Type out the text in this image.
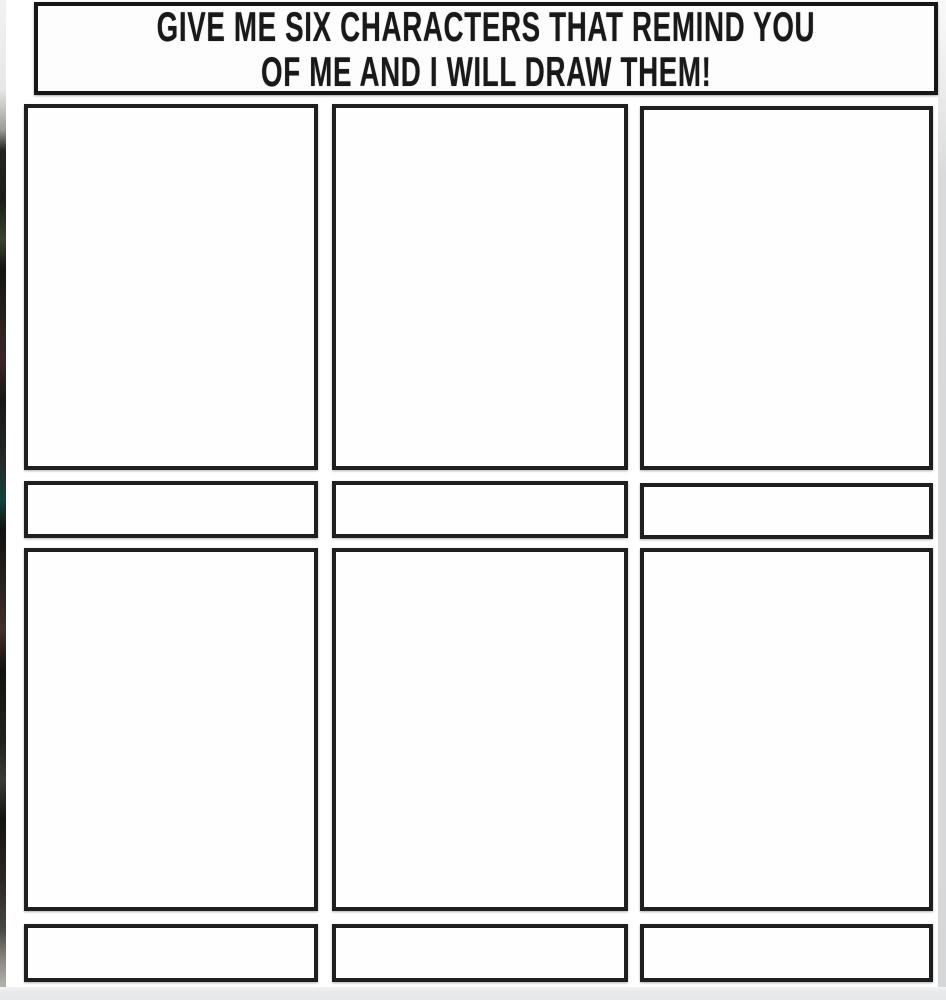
GIVE ME SIX CHARACTERS THAT REMIND YOU
OF ME AND I WILL DRAW THEM!
